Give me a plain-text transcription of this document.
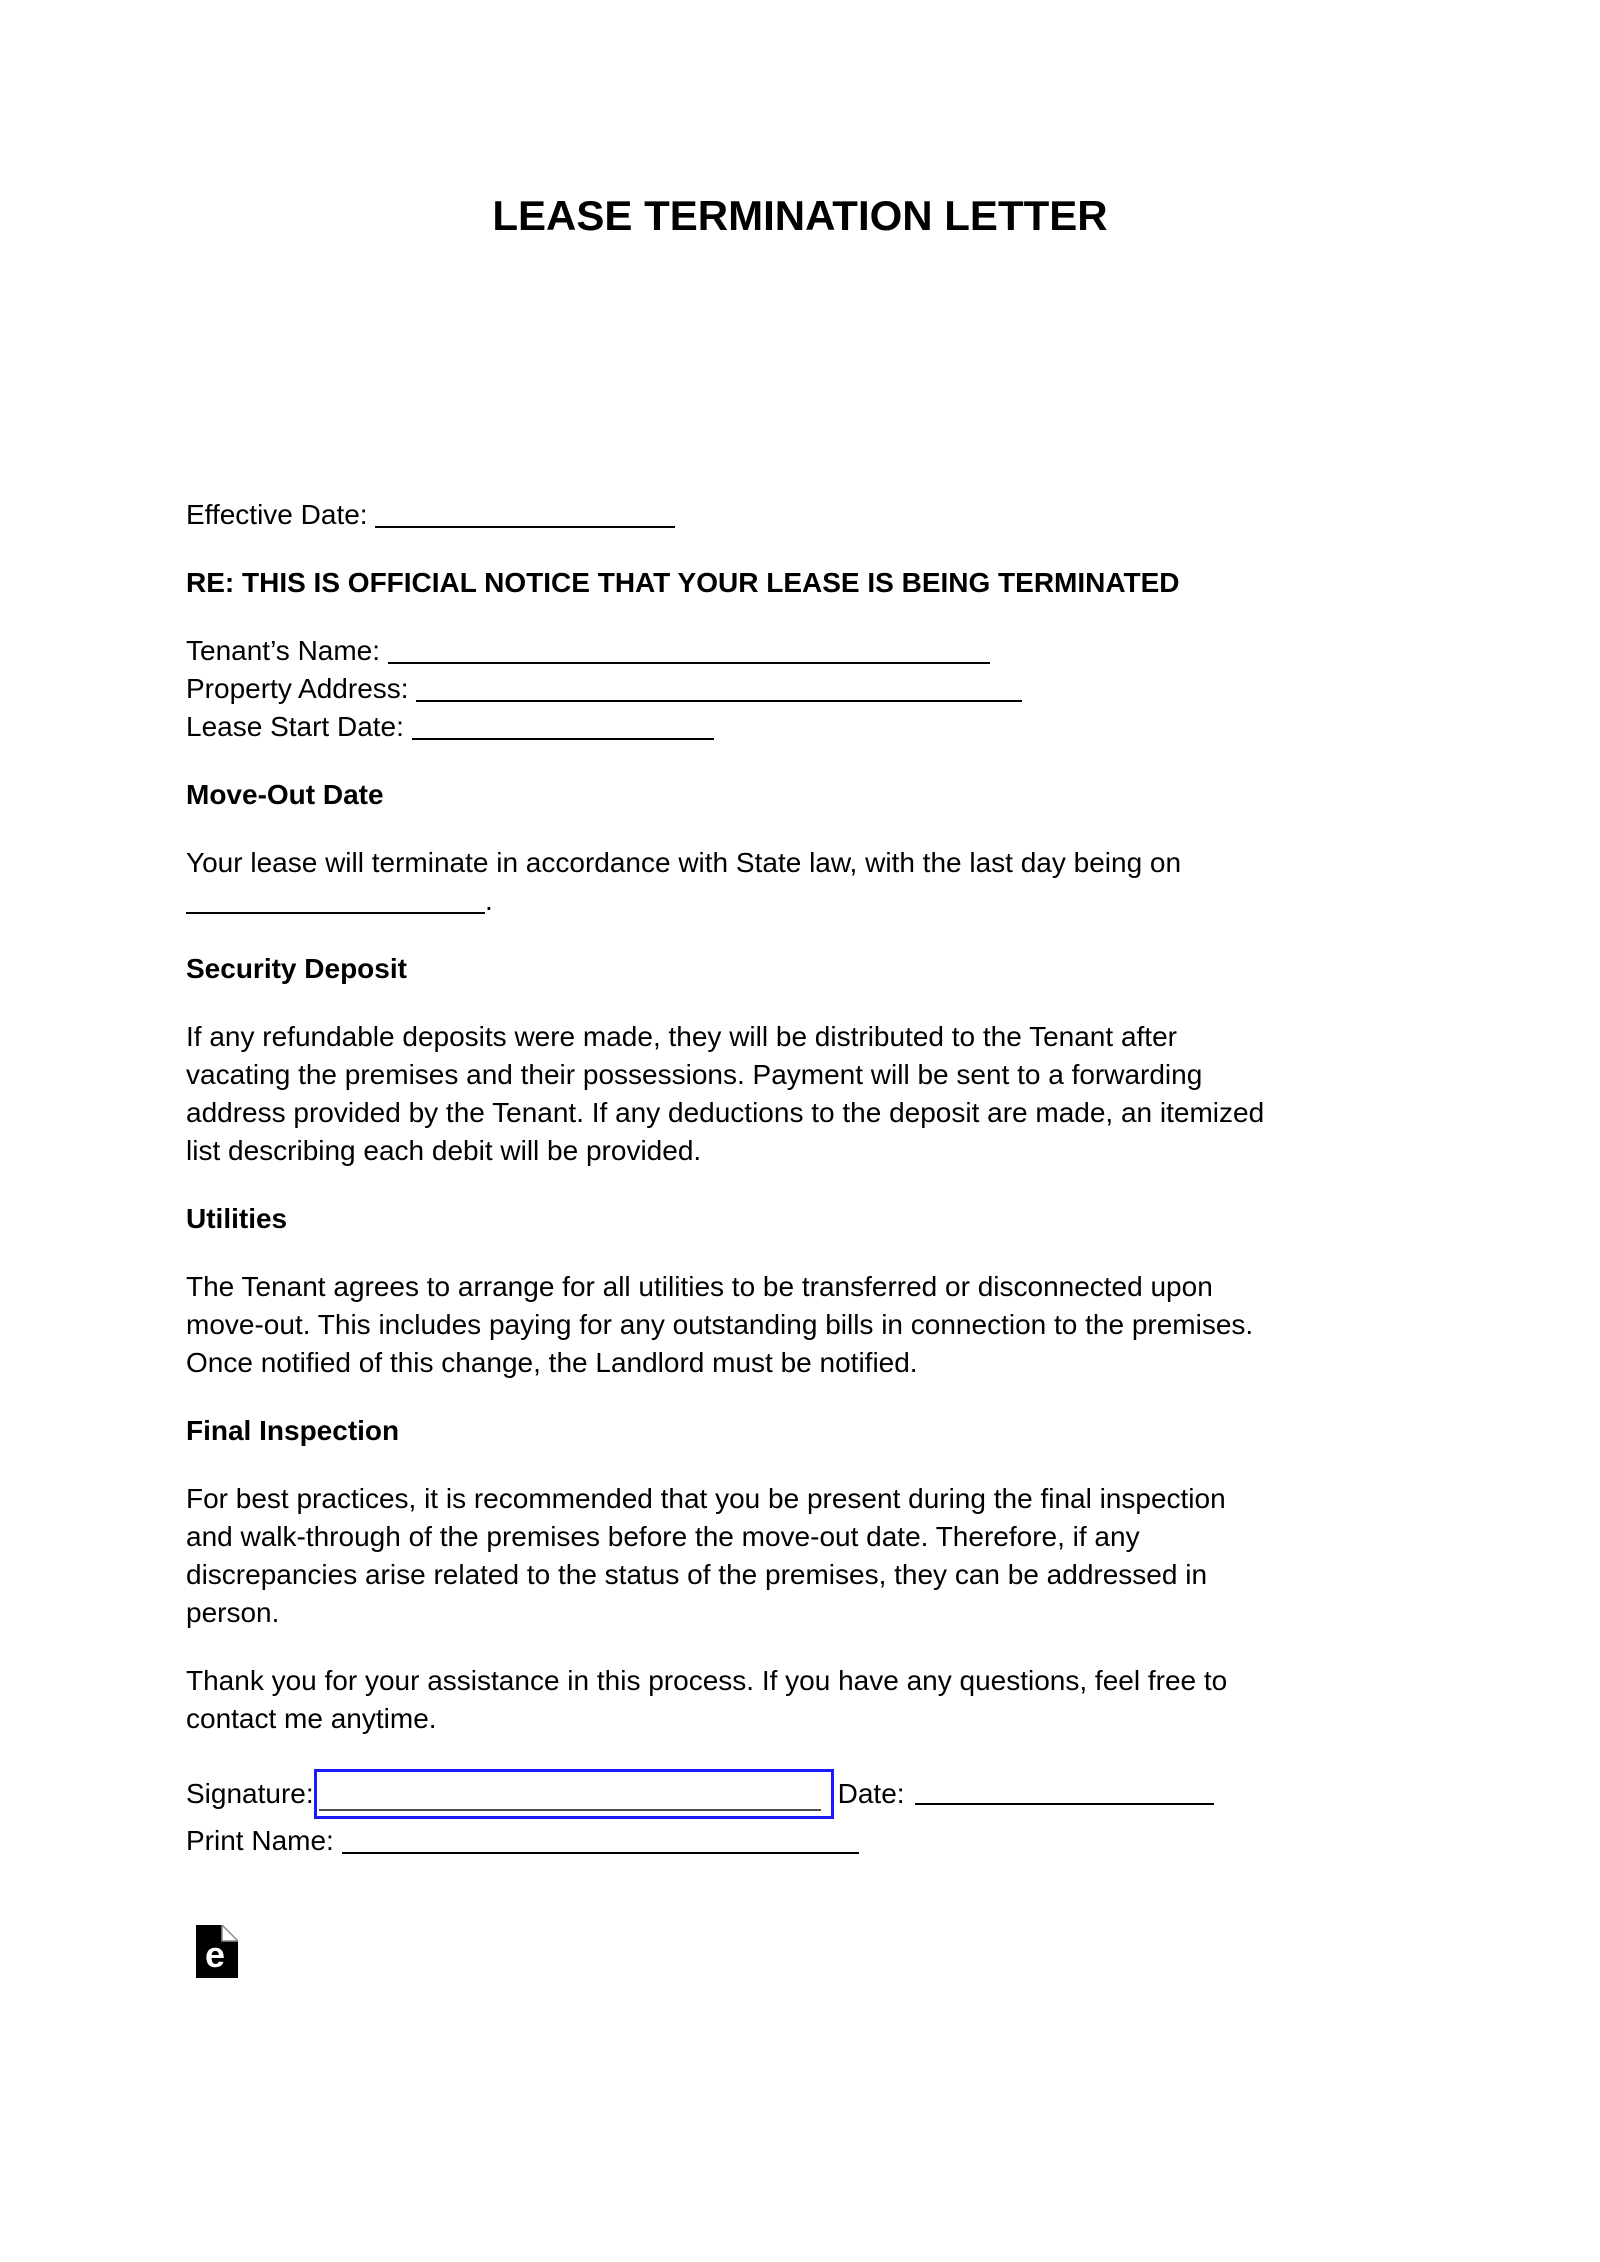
LEASE TERMINATION LETTER
Effective Date:
RE: THIS IS OFFICIAL NOTICE THAT YOUR LEASE IS BEING TERMINATED
Tenant’s Name:
Property Address:
Lease Start Date:
Move-Out Date
Your lease will terminate in accordance with State law, with the last day being on
.
Security Deposit
If any refundable deposits were made, they will be distributed to the Tenant after
vacating the premises and their possessions. Payment will be sent to a forwarding
address provided by the Tenant. If any deductions to the deposit are made, an itemized
list describing each debit will be provided.
Utilities
The Tenant agrees to arrange for all utilities to be transferred or disconnected upon
move-out. This includes paying for any outstanding bills in connection to the premises.
Once notified of this change, the Landlord must be notified.
Final Inspection
For best practices, it is recommended that you be present during the final inspection
and walk-through of the premises before the move-out date. Therefore, if any
discrepancies arise related to the status of the premises, they can be addressed in
person.
Thank you for your assistance in this process. If you have any questions, feel free to
contact me anytime.
Signature:	Date:
Print Name:
e
